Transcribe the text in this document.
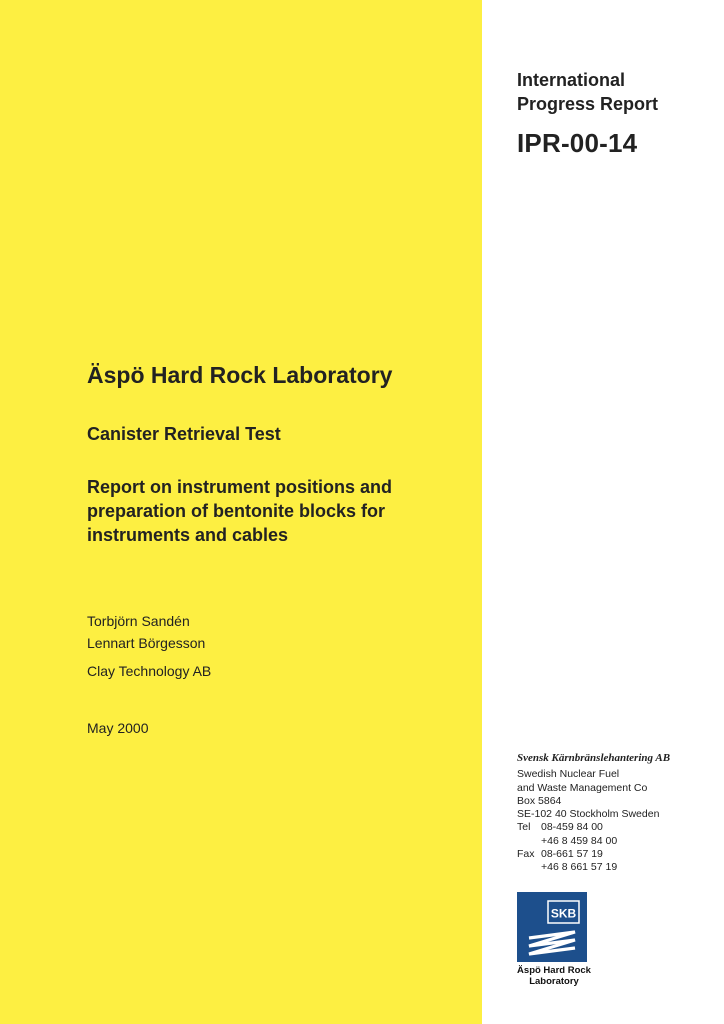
International
Progress Report
IPR-00-14
Äspö Hard Rock Laboratory
Canister Retrieval Test
Report on instrument positions and preparation of bentonite blocks for instruments and cables
Torbjörn Sandén
Lennart Börgesson
Clay Technology AB
May 2000
Svensk Kärnbränslehantering AB
Swedish Nuclear Fuel
and Waste Management Co
Box 5864
SE-102 40 Stockholm Sweden
Tel	08-459 84 00
+46 8 459 84 00
Fax 08-661 57 19
+46 8 661 57 19
SKB
Äspö Hard Rock
Laboratory
